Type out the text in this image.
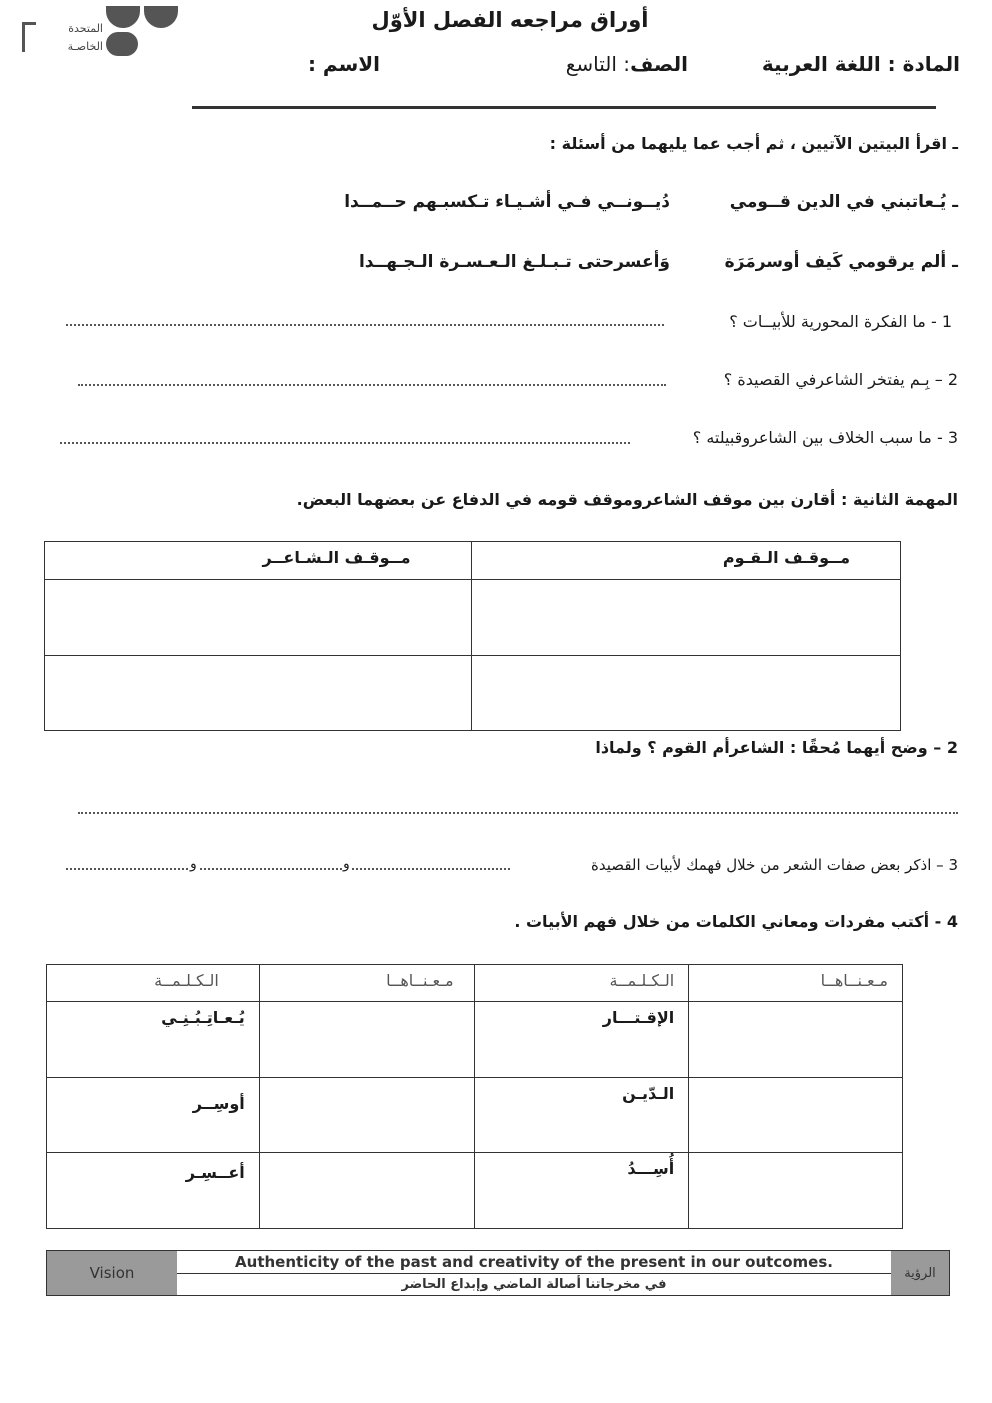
المتحدة
الخاصـة
أوراق مراجعه الفصل الأوّل
المادة : اللغة العربية
الصف
: التاسع
الاسم :
ـ اقرأ البيتين الآتيين ، ثم أجب عما يليهما من أسئلة :
ـ يُـعاتبني في الدين قــومي
دُيــونــي فـي أشـيـاء تـكسبـهم حــمــدا
ـ ألم يرقومي كَيف أوسرمَرَة
وَأعسرحتى تـبـلـغ الـعـسـرة الـجـهــدا
1 - ما الفكرة المحورية للأبيــات ؟
2 – بِـم يفتخر الشاعرفي القصيدة ؟
3 - ما سبب الخلاف بين الشاعروقبيلته ؟
المهمة الثانية : أقارن بين موقف الشاعروموقف قومه في الدفاع عن بعضهما البعض.
مــوقـف الـشـاعــر	مــوقـف الـقـوم

2 – وضح أيهما مُحقًا : الشاعرأم القوم ؟ ولماذا
3 – اذكر بعض صفات الشعر من خلال فهمك لأبيات القصيدة
و
و
4 - أكتب مفردات ومعاني الكلمات من خلال فهم الأبيات .
الـكـلـمــة	مـعـنــاهــا	الـكـلـمــة	مـعـنــاهــا
يُـعـاتِـبُـنِـي		الإقـتـــار	
أوسِــر		الـدّيـن	
أعــسِـر		أُسِـــدُ	
Vision
Authenticity of the past and creativity of the present in our outcomes.
في مخرجاتنا أصالة الماضي وإبداع الحاضر
الرؤية
